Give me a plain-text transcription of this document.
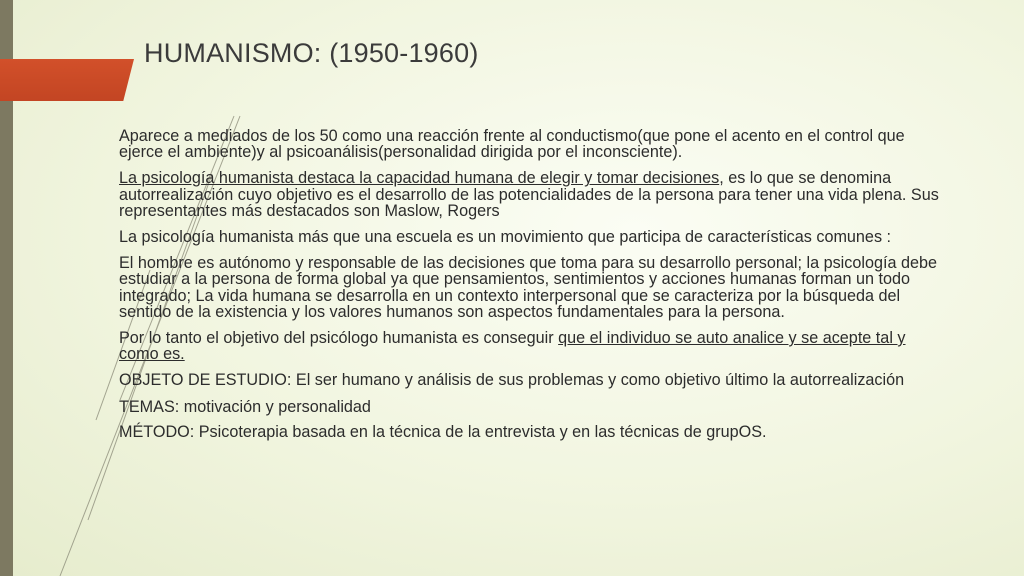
HUMANISMO: (1950-1960)

Aparece a mediados de los 50 como una reacción frente al conductismo(que pone el acento en el control que ejerce el ambiente)y al psicoanálisis(personalidad dirigida por el inconsciente).

La psicología humanista destaca la capacidad humana de elegir y tomar decisiones, es lo que se denomina autorrealización cuyo objetivo es el desarrollo de las potencialidades de la persona para tener una vida plena. Sus representantes más destacados son Maslow, Rogers

La psicología humanista más que una escuela es un movimiento que participa de características comunes :

El hombre es autónomo y responsable de las decisiones que toma para su desarrollo personal; la psicología debe estudiar a la persona de forma global ya que pensamientos, sentimientos y acciones humanas forman un todo integrado; La vida humana se desarrolla en un contexto interpersonal que se caracteriza por la búsqueda del sentido de la existencia y los valores humanos son aspectos fundamentales para la persona.

Por lo tanto el objetivo del psicólogo humanista es conseguir que el individuo se auto analice y se acepte tal y como es.

OBJETO DE ESTUDIO: El ser humano y análisis de sus problemas y como objetivo último la autorrealización

TEMAS: motivación y personalidad

MÉTODO: Psicoterapia basada en la técnica de la entrevista y en las técnicas de grupOS.
